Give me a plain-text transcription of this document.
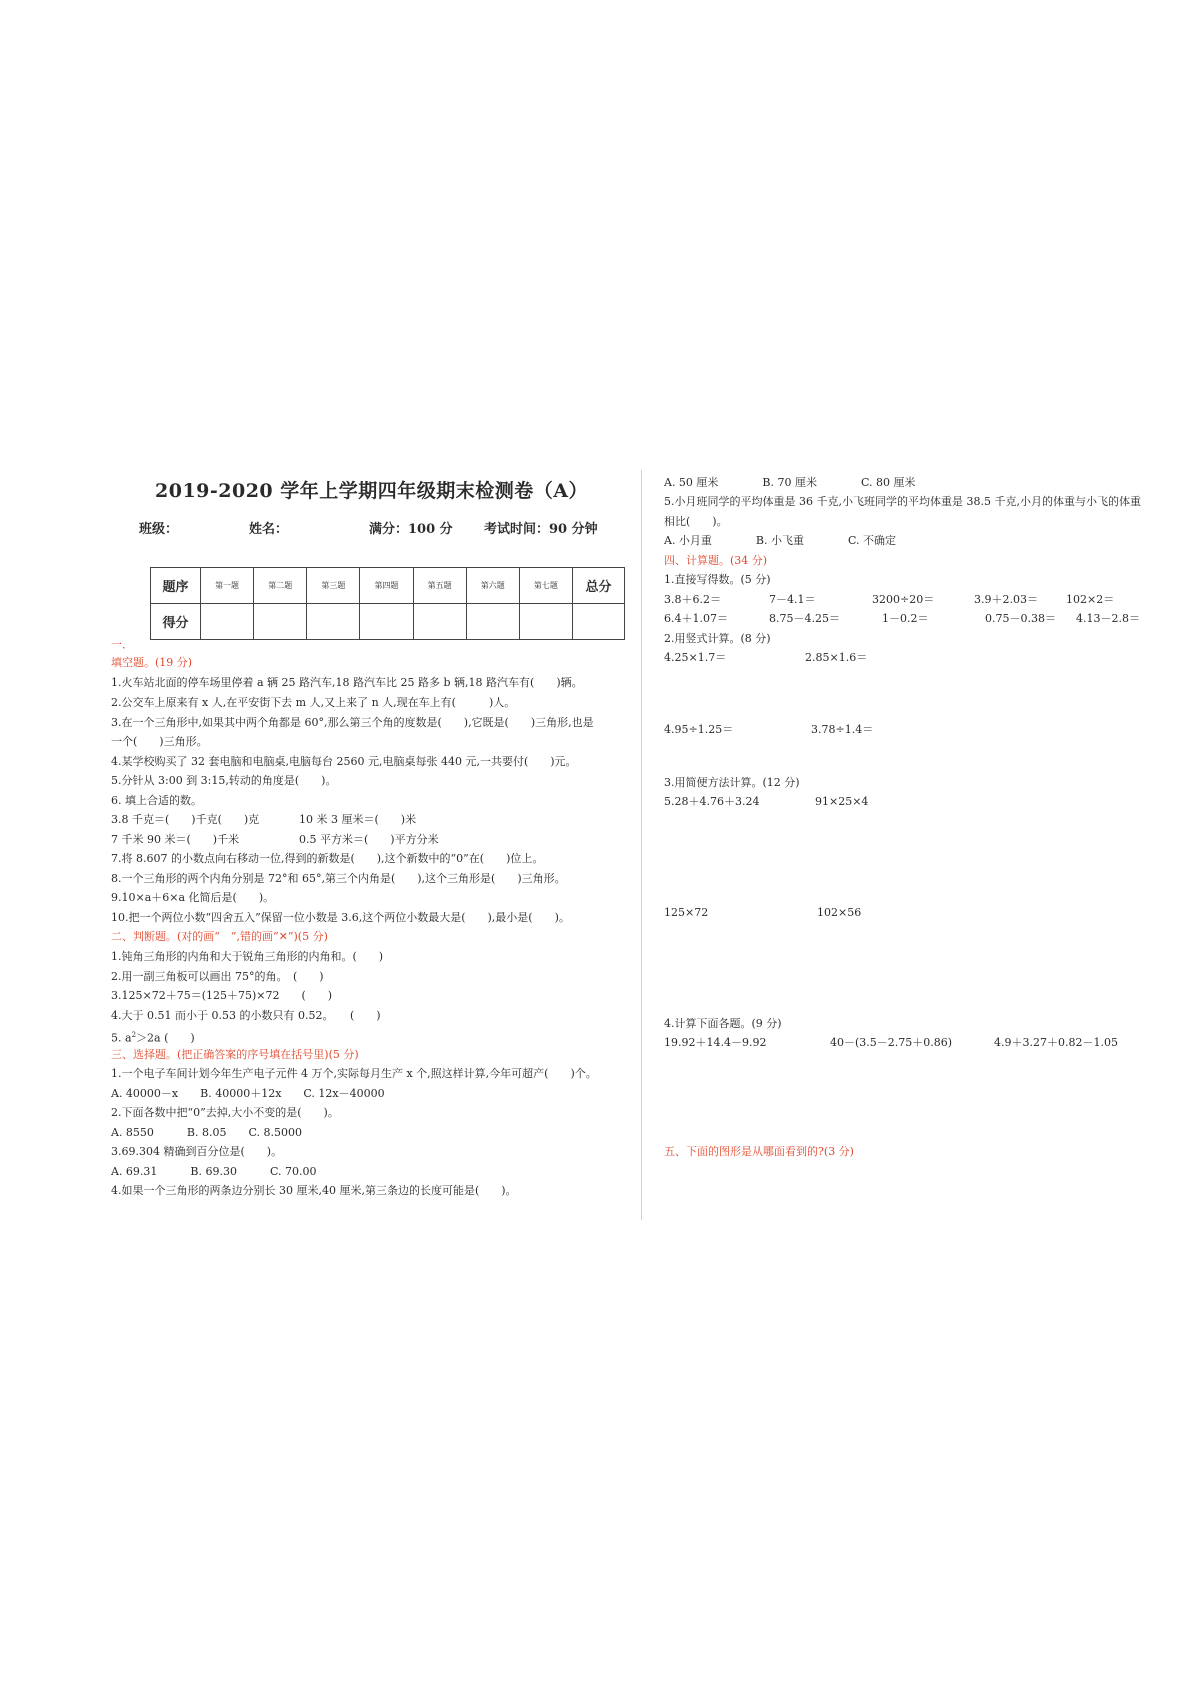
2019-2020 学年上学期四年级期末检测卷（A）
班级：	姓名：	满分：100 分 考试时间：90 分钟
题序	第一题	第二题	第三题	第四题	第五题	第六题	第七题	总分
得分								
一．
填空题。(19 分)
1.火车站北面的停车场里停着 a 辆 25 路汽车,18 路汽车比 25 路多 b 辆,18 路汽车有(　　)辆。
2.公交车上原来有 x 人,在平安街下去 m 人,又上来了 n 人,现在车上有(　　　)人。
3.在一个三角形中,如果其中两个角都是 60°,那么第三个角的度数是(　　),它既是(　　)三角形,也是
一个(　　)三角形。
4.某学校购买了 32 套电脑和电脑桌,电脑每台 2560 元,电脑桌每张 440 元,一共要付(　　)元。
5.分针从 3:00 到 3:15,转动的角度是(　　)。
6. 填上合适的数。
3.8 千克＝(　　)千克(　　)克	10 米 3 厘米＝(　　)米
7 千米 90 米＝(　　)千米	0.5 平方米＝(　　)平方分米
7.将 8.607 的小数点向右移动一位,得到的新数是(　　),这个新数中的“0”在(　　)位上。
8.一个三角形的两个内角分别是 72°和 65°,第三个内角是(　　),这个三角形是(　　)三角形。
9.10×a＋6×a 化简后是(　　)。
10.把一个两位小数“四舍五入”保留一位小数是 3.6,这个两位小数最大是(　　),最小是(　　)。
二、判断题。(对的画“　”,错的画“✕”)(5 分)
1.钝角三角形的内角和大于锐角三角形的内角和。(　　)
2.用一副三角板可以画出 75°的角。　(　　)
3.125×72＋75＝(125＋75)×72　　(　　)
4.大于 0.51 而小于 0.53 的小数只有 0.52。　　(　　)
5. $a^2>2a$ (　　)
三、选择题。(把正确答案的序号填在括号里)(5 分)
1.一个电子车间计划今年生产电子元件 4 万个,实际每月生产 x 个,照这样计算,今年可超产(　　)个。
A. 40000－x　　B. 40000＋12x　　C. 12x－40000
2.下面各数中把“0”去掉,大小不变的是(　　)。
A. 8550　　　B. 8.05　　C. 8.5000
3.69.304 精确到百分位是(　　)。
A. 69.31　　　B. 69.30　　　C. 70.00
4.如果一个三角形的两条边分别长 30 厘米,40 厘米,第三条边的长度可能是(　　)。
A. 50 厘米　　　　B. 70 厘米　　　　C. 80 厘米
5.小月班同学的平均体重是 36 千克,小飞班同学的平均体重是 38.5 千克,小月的体重与小飞的体重
相比(　　)。
A. 小月重　　　　B. 小飞重　　　　C. 不确定
四、计算题。(34 分)
1.直接写得数。(5 分)
3.8＋6.2＝	7－4.1＝	3200÷20＝	3.9＋2.03＝	102×2＝
6.4＋1.07＝	8.75－4.25＝	1－0.2＝	0.75－0.38＝ 4.13－2.8＝
2.用竖式计算。(8 分)
4.25×1.7＝	2.85×1.6＝
4.95÷1.25＝	3.78÷1.4＝
3.用简便方法计算。(12 分)
5.28＋4.76＋3.24	91×25×4
125×72	102×56
4.计算下面各题。(9 分)
19.92＋14.4－9.92	40－(3.5－2.75＋0.86)	4.9＋3.27＋0.82－1.05
五、下面的图形是从哪面看到的?(3 分)
